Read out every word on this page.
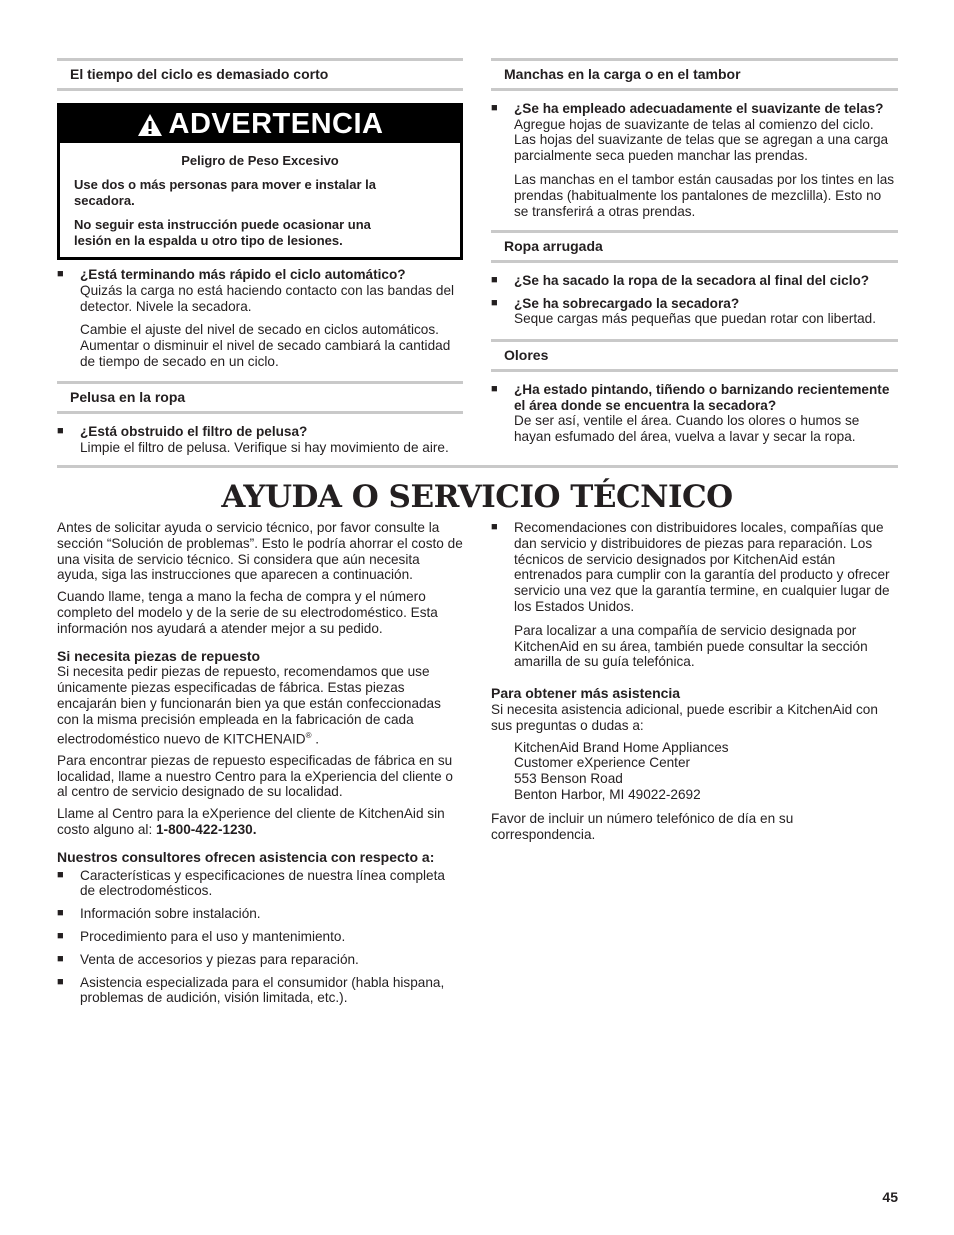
El tiempo del ciclo es demasiado corto
ADVERTENCIA
Peligro de Peso Excesivo

Use dos o más personas para mover e instalar la secadora.

No seguir esta instrucción puede ocasionar una lesión en la espalda u otro tipo de lesiones.

■ ¿Está terminando más rápido el ciclo automático?
Quizás la carga no está haciendo contacto con las bandas del detector. Nivele la secadora.
Cambie el ajuste del nivel de secado en ciclos automáticos. Aumentar o disminuir el nivel de secado cambiará la cantidad de tiempo de secado en un ciclo.
Pelusa en la ropa
■ ¿Está obstruido el filtro de pelusa?
Limpie el filtro de pelusa. Verifique si hay movimiento de aire.
Manchas en la carga o en el tambor
■ ¿Se ha empleado adecuadamente el suavizante de telas?
Agregue hojas de suavizante de telas al comienzo del ciclo. Las hojas del suavizante de telas que se agregan a una carga parcialmente seca pueden manchar las prendas.
Las manchas en el tambor están causadas por los tintes en las prendas (habitualmente los pantalones de mezclilla). Esto no se transferirá a otras prendas.
Ropa arrugada
■ ¿Se ha sacado la ropa de la secadora al final del ciclo?
■ ¿Se ha sobrecargado la secadora?
Seque cargas más pequeñas que puedan rotar con libertad.
Olores
■ ¿Ha estado pintando, tiñendo o barnizando recientemente el área donde se encuentra la secadora?
De ser así, ventile el área. Cuando los olores o humos se hayan esfumado del área, vuelva a lavar y secar la ropa.
AYUDA O SERVICIO TÉCNICO

Antes de solicitar ayuda o servicio técnico, por favor consulte la sección “Solución de problemas”. Esto le podría ahorrar el costo de una visita de servicio técnico. Si considera que aún necesita ayuda, siga las instrucciones que aparecen a continuación.

Cuando llame, tenga a mano la fecha de compra y el número completo del modelo y de la serie de su electrodoméstico. Esta información nos ayudará a atender mejor a su pedido.

Si necesita piezas de repuesto

Si necesita pedir piezas de repuesto, recomendamos que use únicamente piezas especificadas de fábrica. Estas piezas encajarán bien y funcionarán bien ya que están confeccionadas con la misma precisión empleada en la fabricación de cada electrodoméstico nuevo de KITCHENAID® .

Para encontrar piezas de repuesto especificadas de fábrica en su localidad, llame a nuestro Centro para la eXperiencia del cliente o al centro de servicio designado de su localidad.

Llame al Centro para la eXperience del cliente de KitchenAid sin costo alguno al: 1-800-422-1230.

Nuestros consultores ofrecen asistencia con respecto a:
■ Características y especificaciones de nuestra línea completa de electrodomésticos.
■ Información sobre instalación.
■ Procedimiento para el uso y mantenimiento.
■ Venta de accesorios y piezas para reparación.
■ Asistencia especializada para el consumidor (habla hispana, problemas de audición, visión limitada, etc.).
■ Recomendaciones con distribuidores locales, compañías que dan servicio y distribuidores de piezas para reparación. Los técnicos de servicio designados por KitchenAid están entrenados para cumplir con la garantía del producto y ofrecer servicio una vez que la garantía termine, en cualquier lugar de los Estados Unidos.
Para localizar a una compañía de servicio designada por KitchenAid en su área, también puede consultar la sección amarilla de su guía telefónica.
Para obtener más asistencia

Si necesita asistencia adicional, puede escribir a KitchenAid con sus preguntas o dudas a:

KitchenAid Brand Home Appliances
Customer eXperience Center
553 Benson Road
Benton Harbor, MI 49022-2692

Favor de incluir un número telefónico de día en su correspondencia.

45
